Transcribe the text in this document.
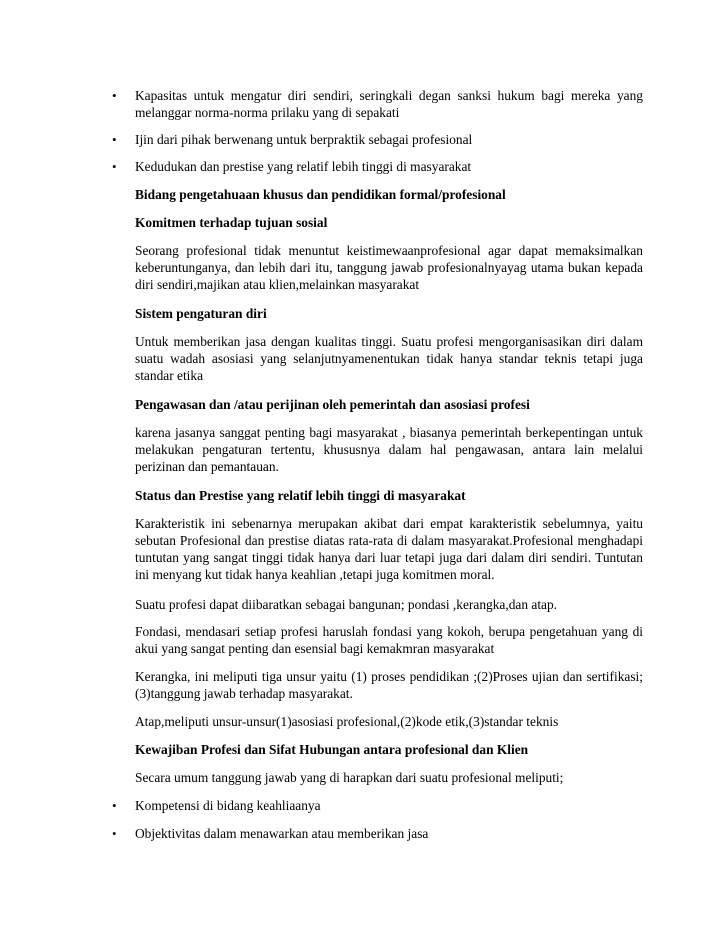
• Kapasitas untuk mengatur diri sendiri, seringkali degan sanksi hukum bagi mereka yang melanggar norma-norma prilaku yang di sepakati

• Ijin dari pihak berwenang untuk berpraktik sebagai profesional

• Kedudukan dan prestise yang relatif lebih tinggi di masyarakat

Bidang pengetahuaan khusus dan pendidikan formal/profesional

Komitmen terhadap tujuan sosial

Seorang profesional tidak menuntut keistimewaanprofesional agar dapat memaksimalkan keberuntunganya, dan lebih dari itu, tanggung jawab profesionalnyayag utama bukan kepada diri sendiri,majikan atau klien,melainkan masyarakat

Sistem pengaturan diri

Untuk memberikan jasa dengan kualitas tinggi. Suatu profesi mengorganisasikan diri dalam suatu wadah asosiasi yang selanjutnyamenentukan tidak hanya standar teknis tetapi juga standar etika

Pengawasan dan /atau perijinan oleh pemerintah dan asosiasi profesi

karena jasanya sanggat penting bagi masyarakat , biasanya pemerintah berkepentingan untuk melakukan pengaturan tertentu, khususnya dalam hal pengawasan, antara lain melalui perizinan dan pemantauan.

Status dan Prestise yang relatif lebih tinggi di masyarakat

Karakteristik ini sebenarnya merupakan akibat dari empat karakteristik sebelumnya, yaitu sebutan Profesional dan prestise diatas rata-rata di dalam masyarakat.Profesional menghadapi tuntutan yang sangat tinggi tidak hanya dari luar tetapi juga dari dalam diri sendiri. Tuntutan ini menyang kut tidak hanya keahlian ,tetapi juga komitmen moral.

Suatu profesi dapat diibaratkan sebagai bangunan; pondasi ,kerangka,dan atap.

Fondasi, mendasari setiap profesi haruslah fondasi yang kokoh, berupa pengetahuan yang di akui yang sangat penting dan esensial bagi kemakmran masyarakat

Kerangka, ini meliputi tiga unsur yaitu (1) proses pendidikan ;(2)Proses ujian dan sertifikasi;(3)tanggung jawab terhadap masyarakat.

Atap,meliputi unsur-unsur(1)asosiasi profesional,(2)kode etik,(3)standar teknis

Kewajiban Profesi dan Sifat Hubungan antara profesional dan Klien

Secara umum tanggung jawab yang di harapkan dari suatu profesional meliputi;

• Kompetensi di bidang keahliaanya

• Objektivitas dalam menawarkan atau memberikan jasa
